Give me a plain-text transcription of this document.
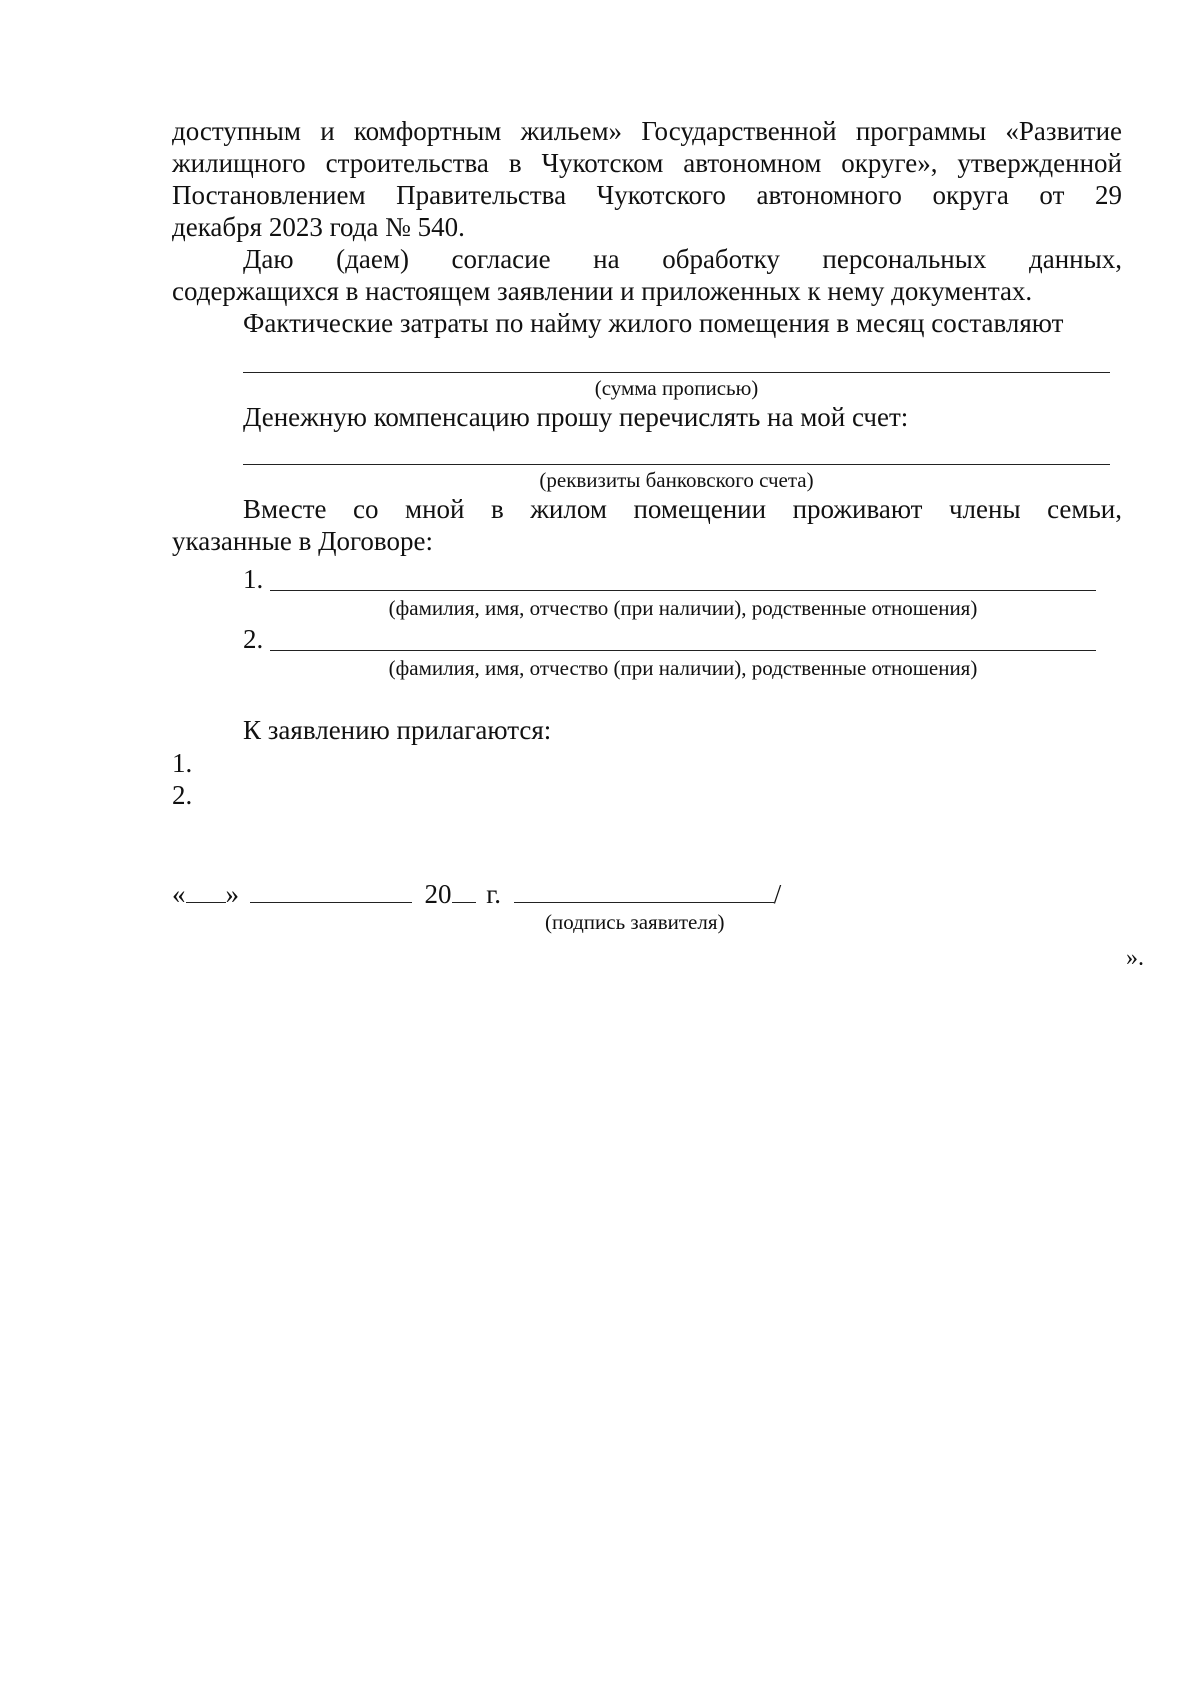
доступным и комфортным жильем» Государственной программы «Развитие
жилищного строительства в Чукотском автономном округе», утвержденной
Постановлением Правительства Чукотского автономного округа от 29
декабря 2023 года № 540.
Даю (даем) согласие на обработку персональных данных,
содержащихся в настоящем заявлении и приложенных к нему документах.
Фактические затраты по найму жилого помещения в месяц составляют
(сумма прописью)
Денежную компенсацию прошу перечислять на мой счет:
(реквизиты банковского счета)
Вместе со мной в жилом помещении проживают члены семьи,
указанные в Договоре:
1.
(фамилия, имя, отчество (при наличии), родственные отношения)
2.
(фамилия, имя, отчество (при наличии), родственные отношения)
К заявлению прилагаются:
1.
2.
« »	20 г.	/
(подпись заявителя)
».
